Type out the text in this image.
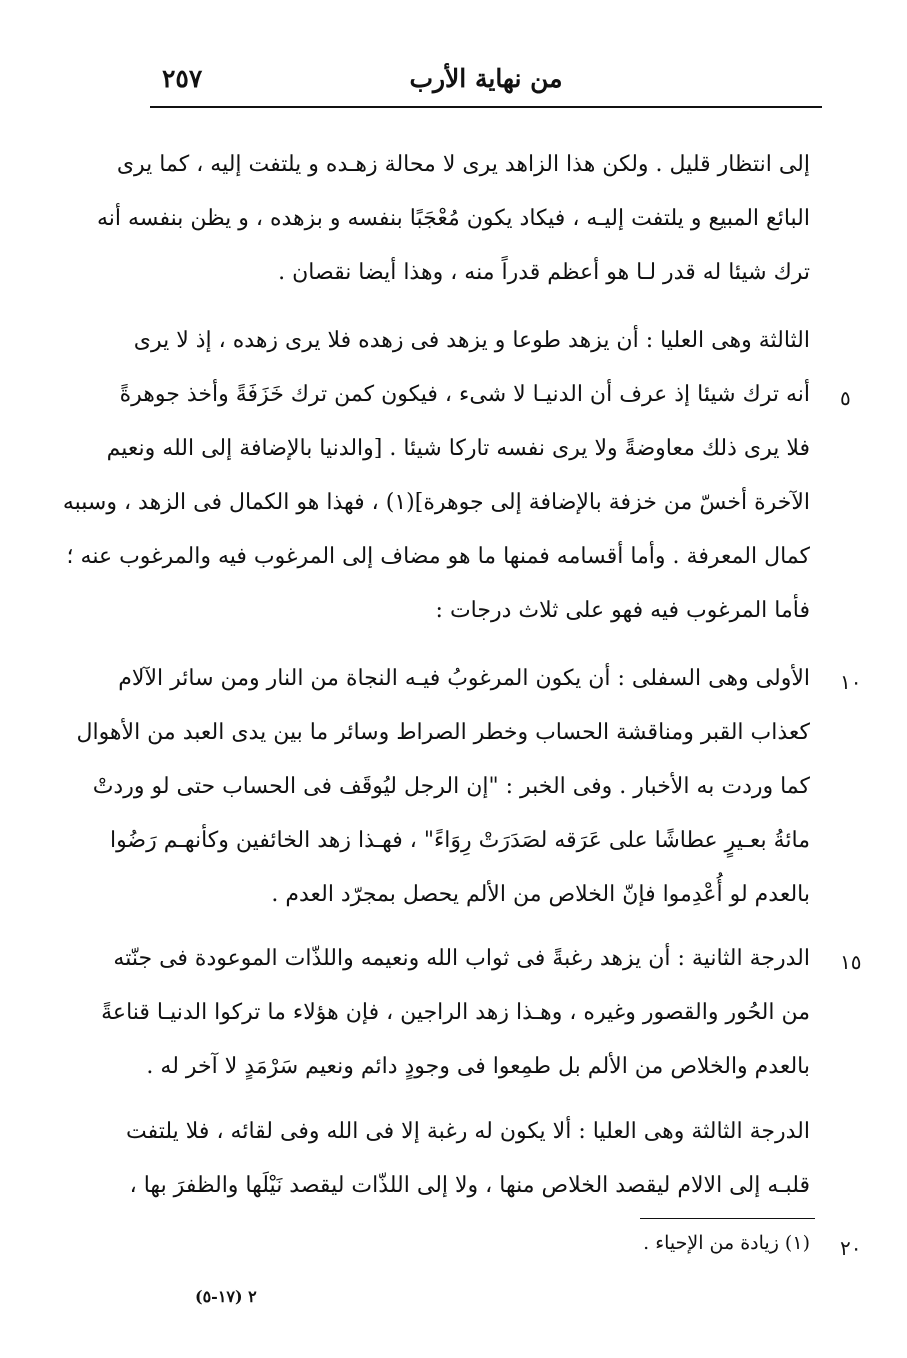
من نهاية الأرب
٢٥٧

إلى انتظار قليل . ولكن هذا الزاهد يرى لا محالة زهـده و يلتفت إليه ، كما يرى

البائع المبيع و يلتفت إليـه ، فيكاد يكون مُعْجَبًا بنفسه و بزهده ، و يظن بنفسه أنه

ترك شيئا له قدر لـا هو أعظم قدراً منه ، وهذا أيضا نقصان .

الثالثة وهى العليا : أن يزهد طوعا و يزهد فى زهده فلا يرى زهده ، إذ لا يرى

أنه ترك شيئا إذ عرف أن الدنيـا لا شىء ، فيكون كمن ترك خَزَفَةً وأخذ جوهرةً

فلا يرى ذلك معاوضةً ولا يرى نفسه تاركا شيئا . [والدنيا بالإضافة إلى الله ونعيم

الآخرة أخسّ من خزفة بالإضافة إلى جوهرة](١) ، فهذا هو الكمال فى الزهد ، وسببه

كمال المعرفة . وأما أقسامه فمنها ما هو مضاف إلى المرغوب فيه والمرغوب عنه ؛

فأما المرغوب فيه فهو على ثلاث درجات :

الأولى وهى السفلى : أن يكون المرغوبُ فيـه النجاة من النار ومن سائر الآلام

كعذاب القبر ومناقشة الحساب وخطر الصراط وسائر ما بين يدى العبد من الأهوال

كما وردت به الأخبار . وفى الخبر : "إن الرجل ليُوقَف فى الحساب حتى لو وردتْ

مائةُ بعـيرٍ عطاشًا على عَرَقه لصَدَرَتْ رِوَاءً" ، فهـذا زهد الخائفين وكأنهـم رَضُوا

بالعدم لو أُعْدِموا فإنّ الخلاص من الألم يحصل بمجرّد العدم .

الدرجة الثانية : أن يزهد رغبةً فى ثواب الله ونعيمه واللذّات الموعودة فى جنّته

من الحُور والقصور وغيره ، وهـذا زهد الراجين ، فإن هؤلاء ما تركوا الدنيـا قناعةً

بالعدم والخلاص من الألم بل طمِعوا فى وجودٍ دائم ونعيم سَرْمَدٍ لا آخر له .

الدرجة الثالثة وهى العليا : ألا يكون له رغبة إلا فى الله وفى لقائه ، فلا يلتفت

قلبـه إلى الالام ليقصد الخلاص منها ، ولا إلى اللذّات ليقصد نَيْلَها والظفرَ بها ،

٥
١٠
١٥
٢٠
(١) زيادة من الإحياء .
٢ (١٧-٥)
